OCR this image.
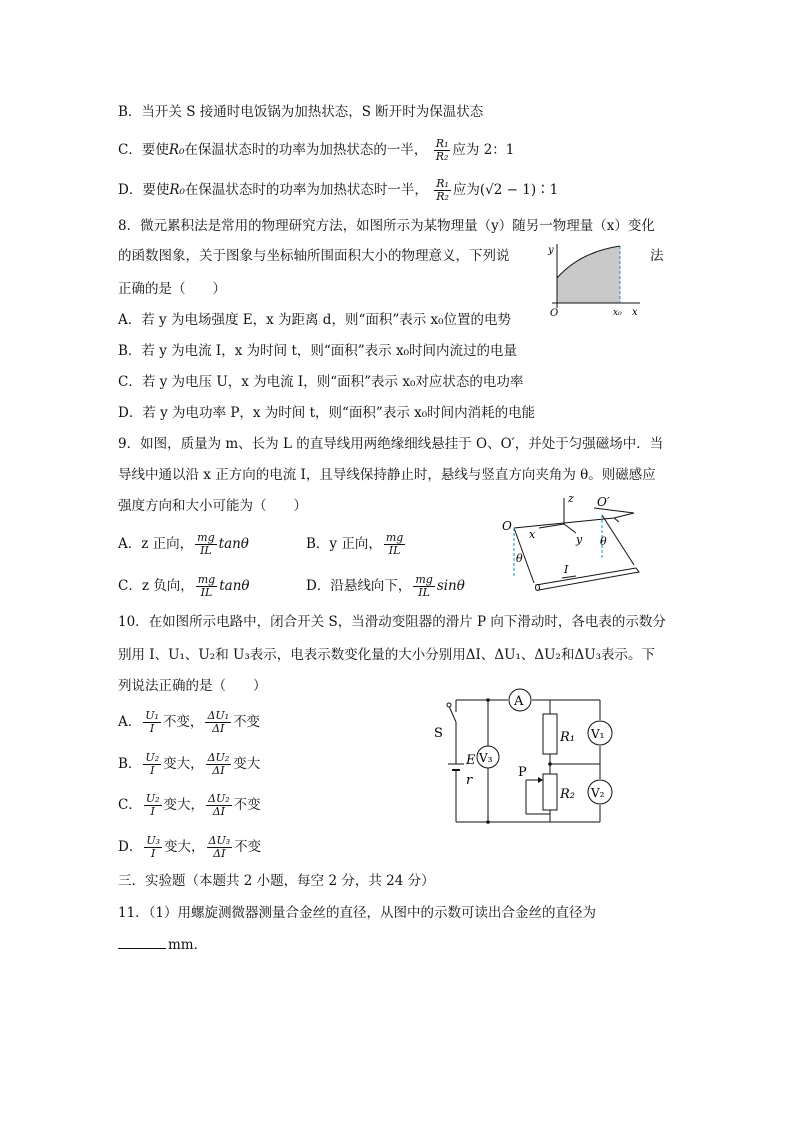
B．当开关 S 接通时电饭锅为加热状态，S 断开时为保温状态
C．要使R₀在保温状态时的功率为加热状态的一半， $\frac{\text{R₁}}{\text{R₂}}$ 应为 2：1
D．要使R₀在保温状态时的功率为加热状态时一半， $\frac{\text{R₁}}{\text{R₂}}$ 应为(√2 − 1)∶1
8．微元累积法是常用的物理研究方法，如图所示为某物理量（y）随另一物理量（x）变化
的函数图象，关于图象与坐标轴所围面积大小的物理意义，下列说	法
正确的是（　　）
A．若 y 为电场强度 E，x 为距离 d，则“面积”表示 x₀位置的电势
B．若 y 为电流 I，x 为时间 t，则“面积”表示 x₀时间内流过的电量
C．若 y 为电压 U，x 为电流 I，则“面积”表示 x₀对应状态的电功率
D．若 y 为电功率 P，x 为时间 t，则“面积”表示 x₀时间内消耗的电能
y
x
O	x₀
9．如图，质量为 m、长为 L 的直导线用两绝缘细线悬挂于 O、O′，并处于匀强磁场中．当
导线中通以沿 x 正方向的电流 I，且导线保持静止时，悬线与竖直方向夹角为 θ。则磁感应
强度方向和大小可能为（　　）
A．z 正向， $\frac{mg}{IL}$ tanθ	B．y 正向， $\frac{mg}{IL}$
C．z 负向， $\frac{mg}{IL}$ tanθ	D．沿悬线向下， $\frac{mg}{IL}$ sinθ
O
O′
z
x	y
θ
θ
I
10．在如图所示电路中，闭合开关 S，当滑动变阻器的滑片 P 向下滑动时，各电表的示数分
别用 I、U₁、U₂和 U₃表示，电表示数变化量的大小分别用ΔI、ΔU₁、ΔU₂和ΔU₃表示。下
列说法正确的是（　　）
A． $\frac{\text{U₁}}{I}$ 不变， $\frac{\text{ΔU₁}}{\Delta I}$ 不变
B． $\frac{\text{U₂}}{I}$ 变大， $\frac{\text{ΔU₂}}{\Delta I}$ 变大
C． $\frac{\text{U₂}}{I}$ 变大， $\frac{\text{ΔU₂}}{\Delta I}$ 不变
D． $\frac{\text{U₃}}{I}$ 变大， $\frac{\text{ΔU₃}}{\Delta I}$ 不变
A
V₃
V₁
V₂
R₁
R₂
S
E
r
P
三．实验题（本题共 2 小题，每空 2 分，共 24 分）
11．（1）用螺旋测微器测量合金丝的直径，从图中的示数可读出合金丝的直径为
mm．
